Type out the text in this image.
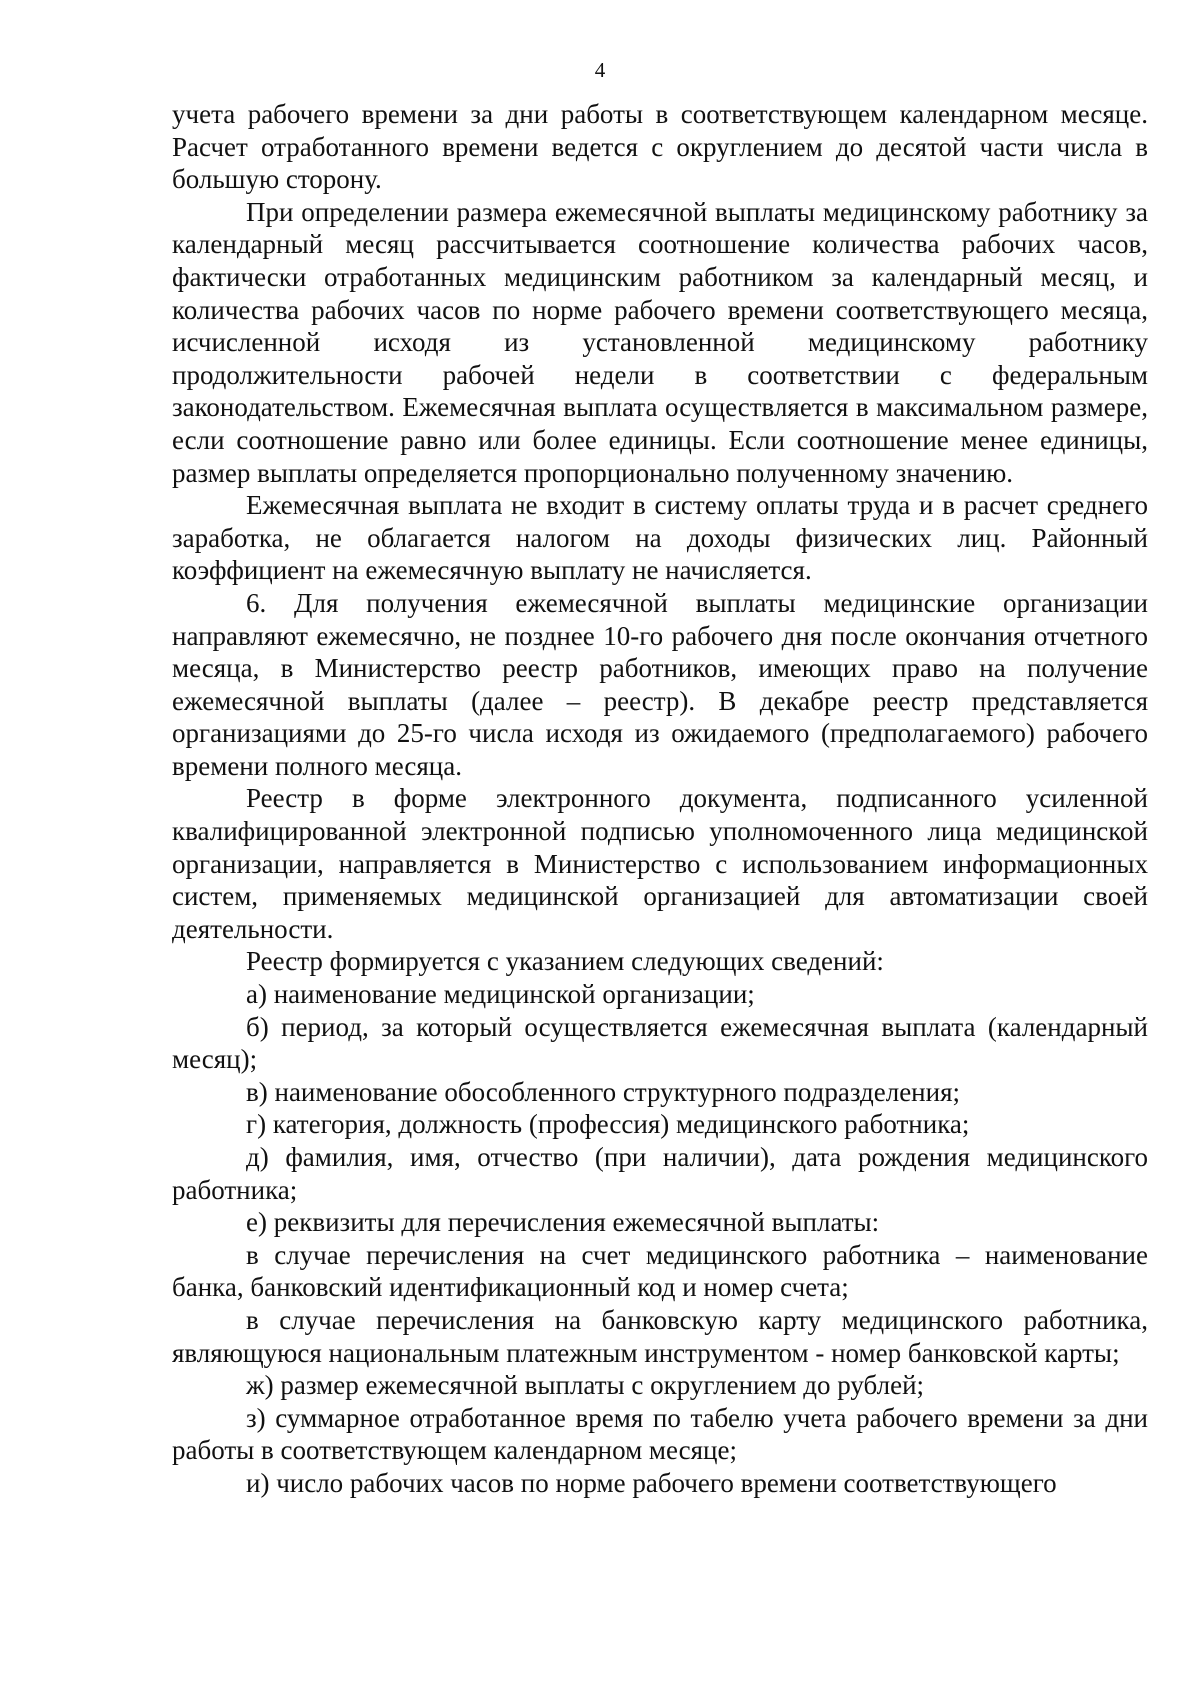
4

учета рабочего времени за дни работы в соответствующем календарном месяце. Расчет отработанного времени ведется с округлением до десятой части числа в большую сторону.

При определении размера ежемесячной выплаты медицинскому работнику за календарный месяц рассчитывается соотношение количества рабочих часов, фактически отработанных медицинским работником за календарный месяц, и количества рабочих часов по норме рабочего времени соответствующего месяца, исчисленной исходя из установленной медицинскому работнику продолжительности рабочей недели в соответствии с федеральным законодательством. Ежемесячная выплата осуществляется в максимальном размере, если соотношение равно или более единицы. Если соотношение менее единицы, размер выплаты определяется пропорционально полученному значению.

Ежемесячная выплата не входит в систему оплаты труда и в расчет среднего заработка, не облагается налогом на доходы физических лиц. Районный коэффициент на ежемесячную выплату не начисляется.

6. Для получения ежемесячной выплаты медицинские организации направляют ежемесячно, не позднее 10-го рабочего дня после окончания отчетного месяца, в Министерство реестр работников, имеющих право на получение ежемесячной выплаты (далее – реестр). В декабре реестр представляется организациями до 25-го числа исходя из ожидаемого (предполагаемого) рабочего времени полного месяца.

Реестр в форме электронного документа, подписанного усиленной квалифицированной электронной подписью уполномоченного лица медицинской организации, направляется в Министерство с использованием информационных систем, применяемых медицинской организацией для автоматизации своей деятельности.

Реестр формируется с указанием следующих сведений:

а) наименование медицинской организации;

б) период, за который осуществляется ежемесячная выплата (календарный месяц);

в) наименование обособленного структурного подразделения;

г) категория, должность (профессия) медицинского работника;

д) фамилия, имя, отчество (при наличии), дата рождения медицинского работника;

е) реквизиты для перечисления ежемесячной выплаты:

в случае перечисления на счет медицинского работника – наименование банка, банковский идентификационный код и номер счета;

в случае перечисления на банковскую карту медицинского работника, являющуюся национальным платежным инструментом - номер банковской карты;

ж) размер ежемесячной выплаты с округлением до рублей;

з) суммарное отработанное время по табелю учета рабочего времени за дни работы в соответствующем календарном месяце;

и) число рабочих часов по норме рабочего времени соответствующего
